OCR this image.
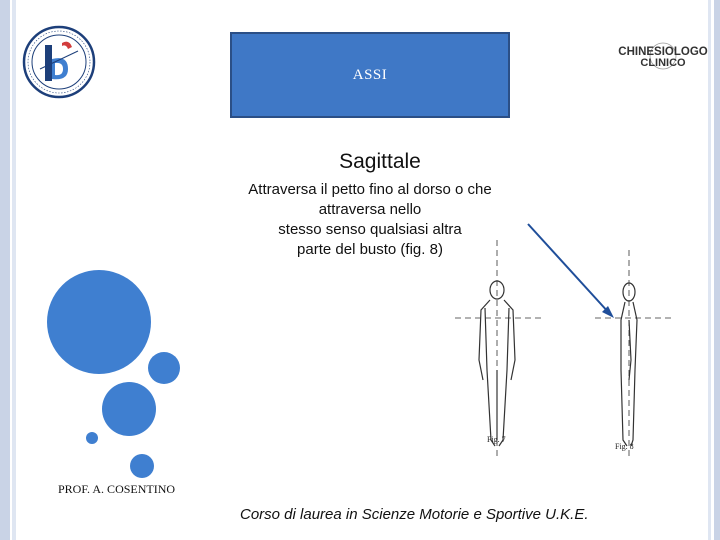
CHINESIOLOGO
CLINICO
ASSI
Sagittale
Attraversa il petto fino al dorso o che
attraversa nello
stesso senso qualsiasi altra
parte del busto (fig. 8)
Fig. 7
Fig. 8
PROF. A. COSENTINO
Corso di laurea in Scienze Motorie e Sportive U.K.E.
